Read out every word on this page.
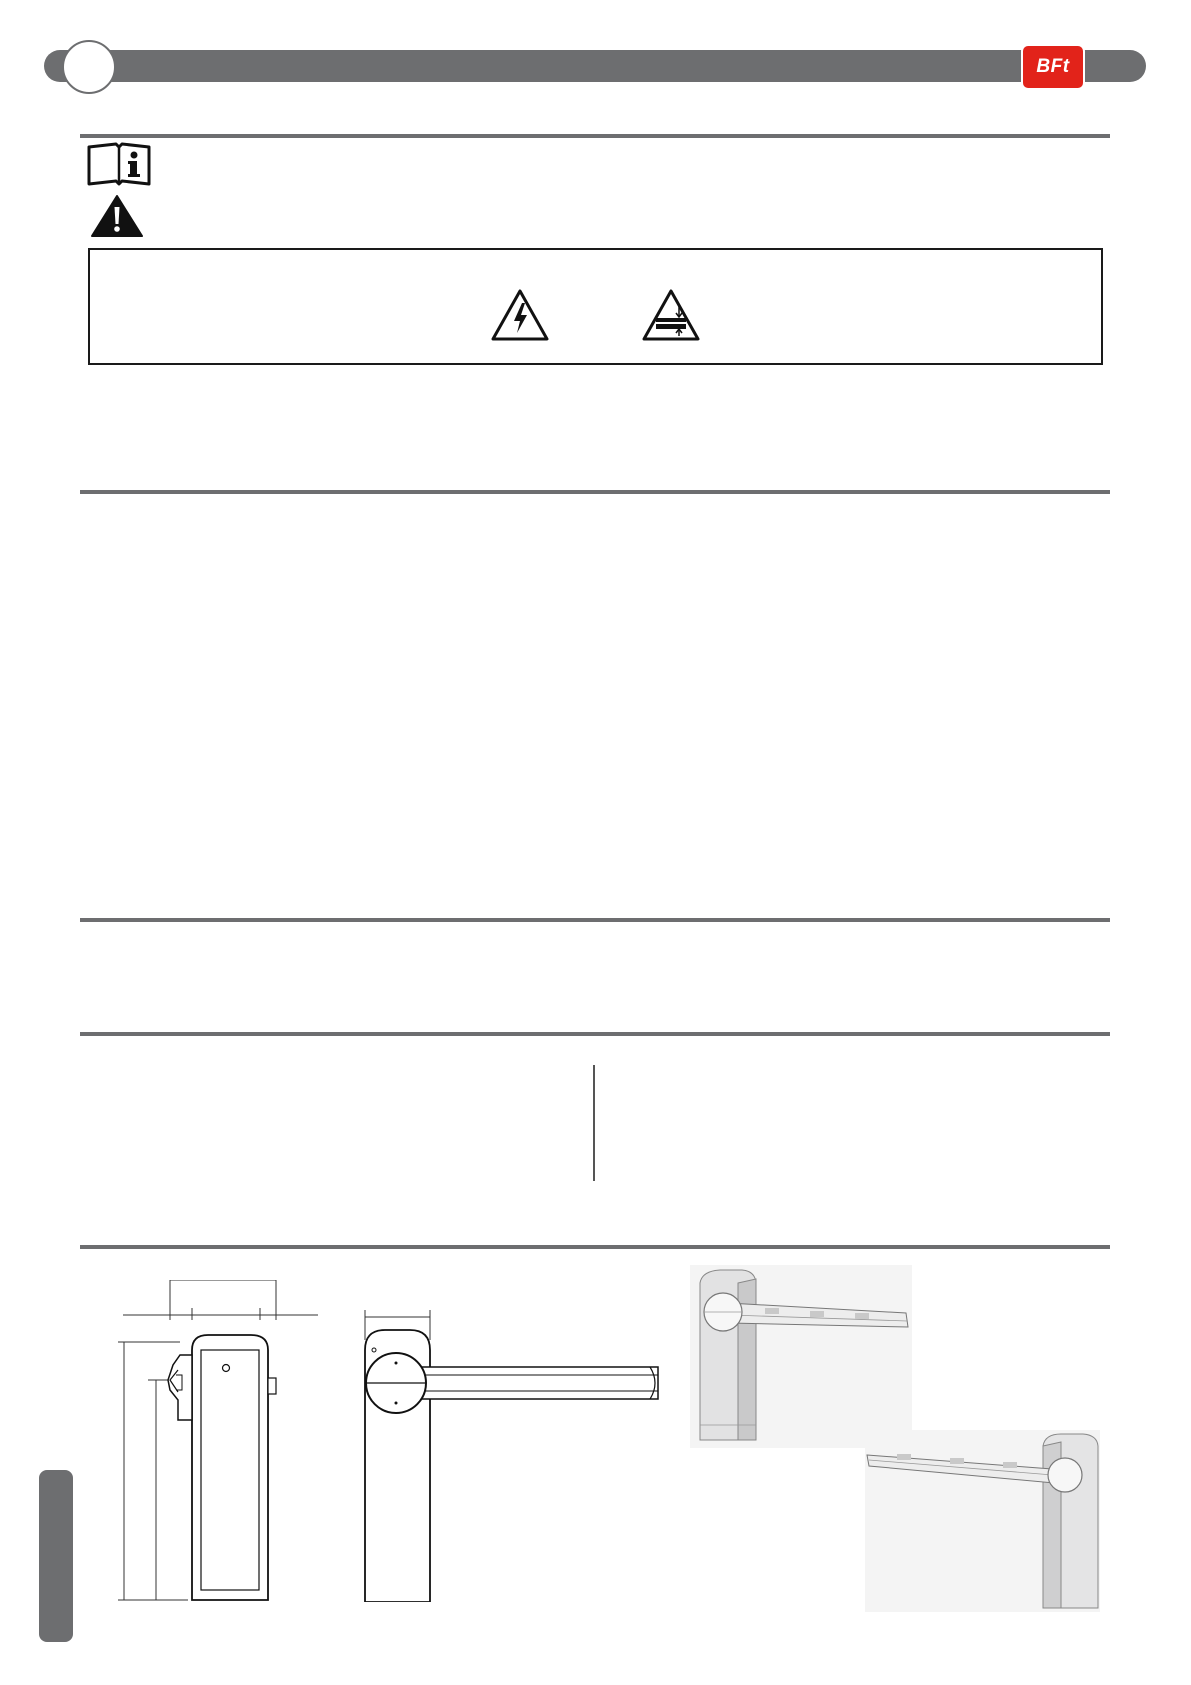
BFt
